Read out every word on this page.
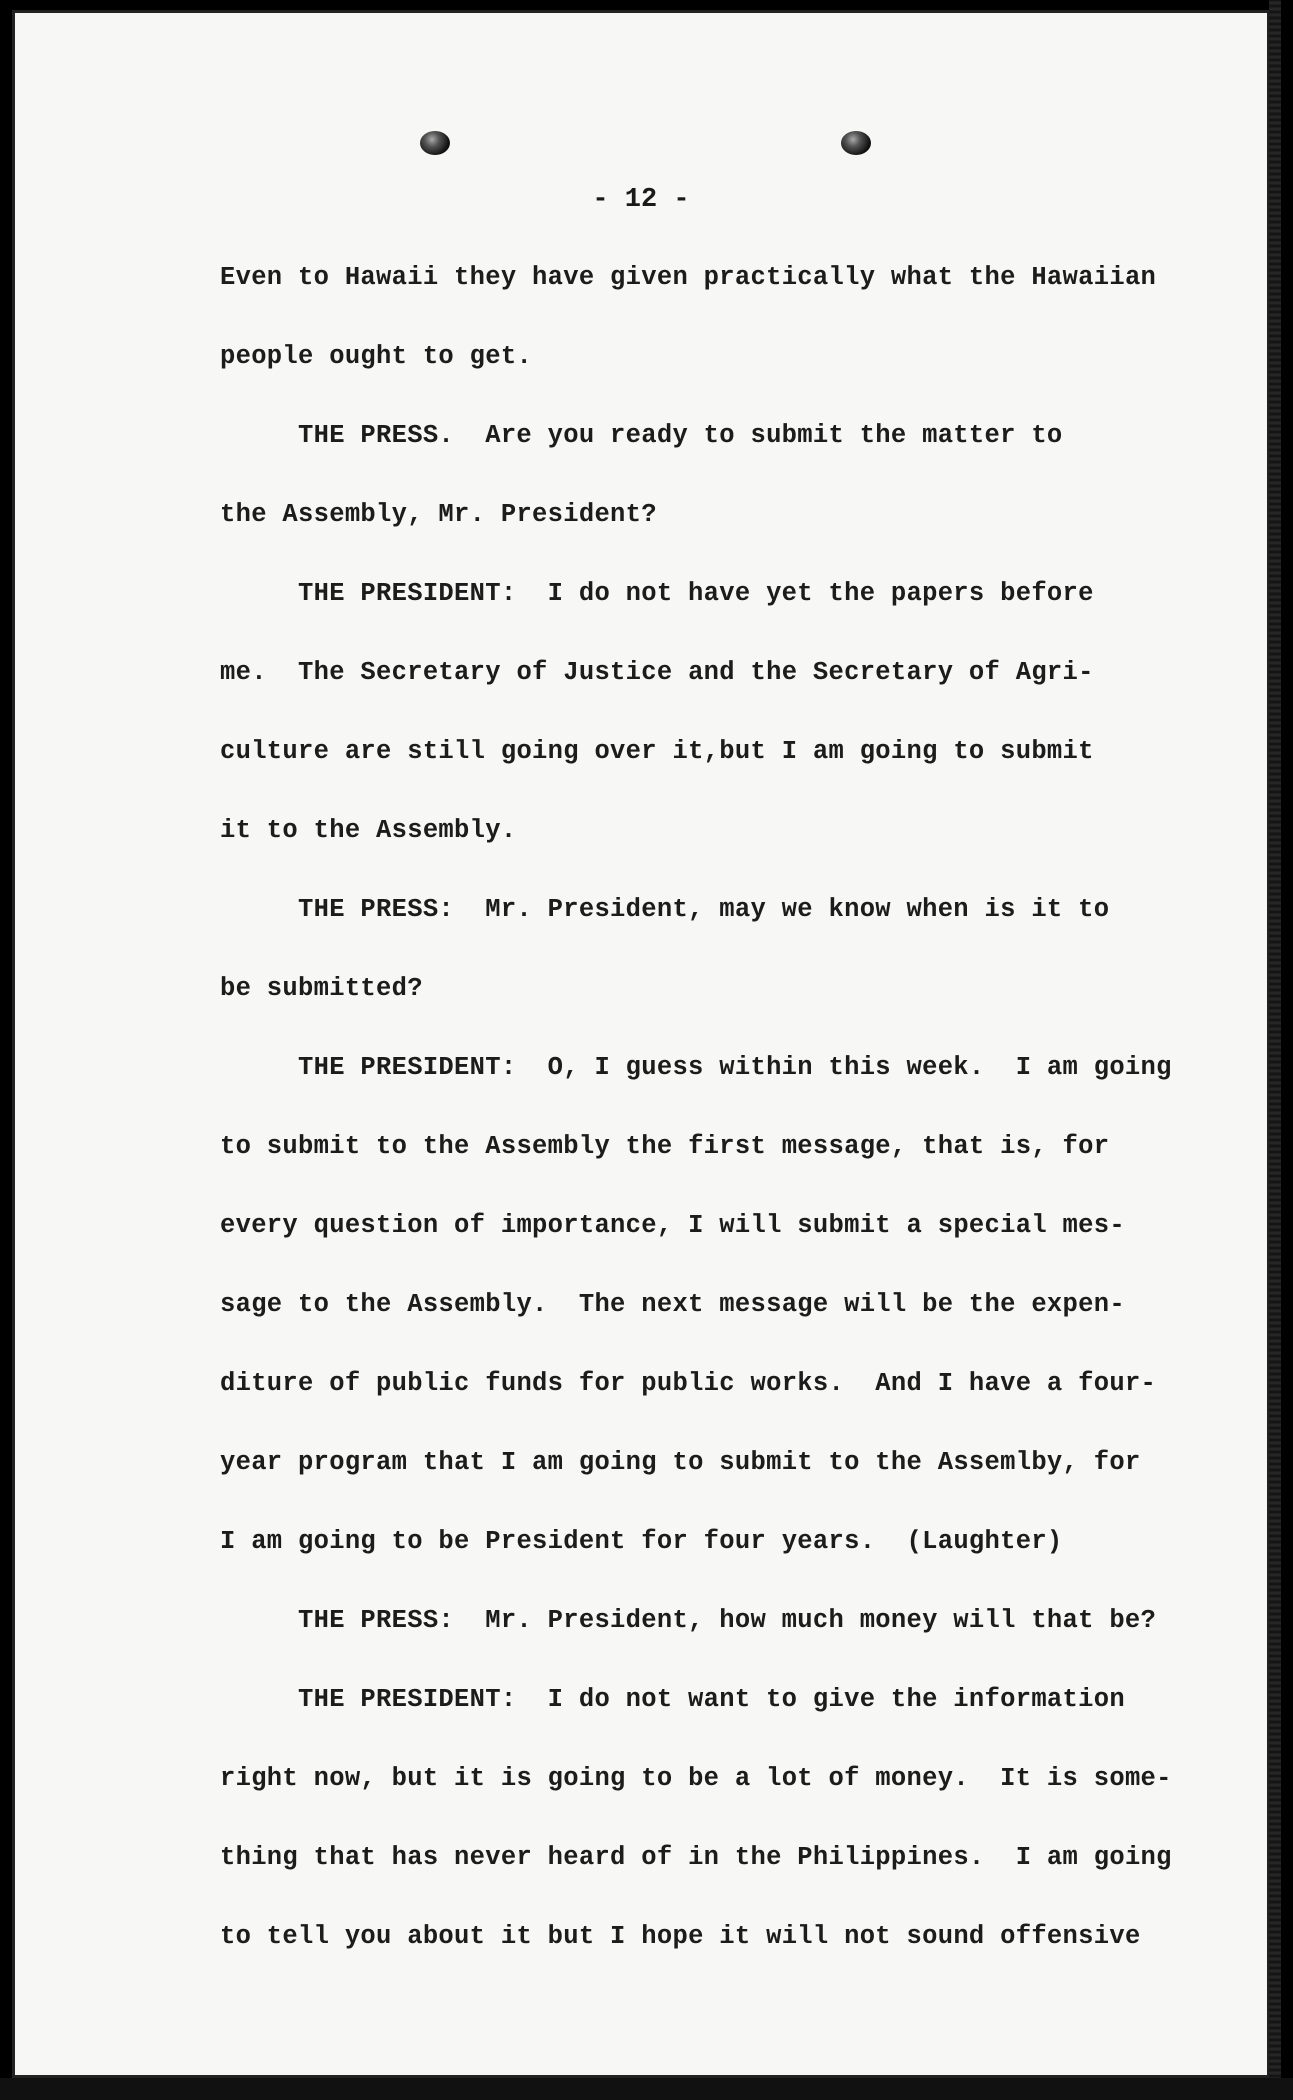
- 12 -
Even to Hawaii they have given practically what the Hawaiian
people ought to get.
THE PRESS.  Are you ready to submit the matter to
the Assembly, Mr. President?
THE PRESIDENT:  I do not have yet the papers before
me.  The Secretary of Justice and the Secretary of Agri-
culture are still going over it,but I am going to submit
it to the Assembly.
THE PRESS:  Mr. President, may we know when is it to
be submitted?
THE PRESIDENT:  O, I guess within this week.  I am going
to submit to the Assembly the first message, that is, for
every question of importance, I will submit a special mes-
sage to the Assembly.  The next message will be the expen-
diture of public funds for public works.  And I have a four-
year program that I am going to submit to the Assemlby, for
I am going to be President for four years.  (Laughter)
THE PRESS:  Mr. President, how much money will that be?
THE PRESIDENT:  I do not want to give the information
right now, but it is going to be a lot of money.  It is some-
thing that has never heard of in the Philippines.  I am going
to tell you about it but I hope it will not sound offensive
